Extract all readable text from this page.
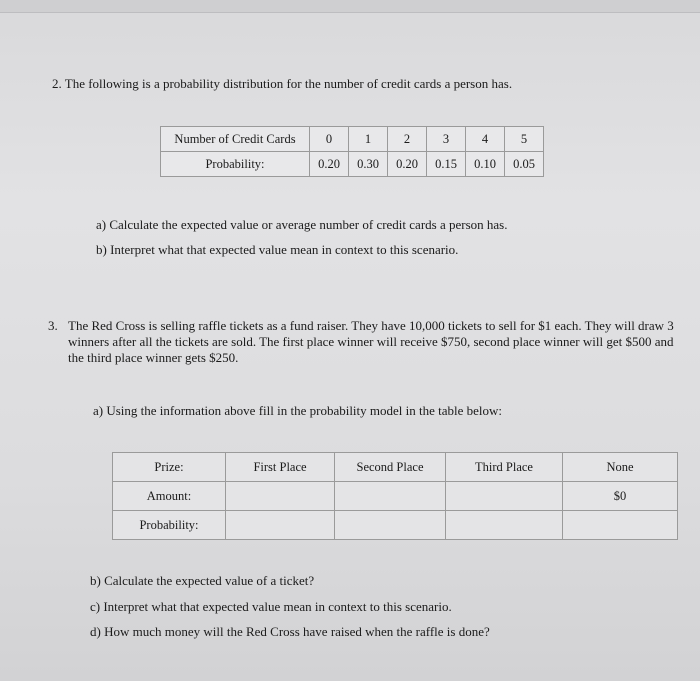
2. The following is a probability distribution for the number of credit cards a person has.
Number of Credit Cards	0	1	2	3	4	5
Probability:	0.20	0.30	0.20	0.15	0.10	0.05
a) Calculate the expected value or average number of credit cards a person has.
b) Interpret what that expected value mean in context to this scenario.
3. The Red Cross is selling raffle tickets as a fund raiser. They have 10,000 tickets to sell for $1 each. They will draw 3 winners after all the tickets are sold. The first place winner will receive $750, second place winner will get $500 and the third place winner gets $250.
a) Using the information above fill in the probability model in the table below:
Prize:	First Place	Second Place	Third Place	None
Amount:				$0
Probability:				
b) Calculate the expected value of a ticket?
c) Interpret what that expected value mean in context to this scenario.
d) How much money will the Red Cross have raised when the raffle is done?
